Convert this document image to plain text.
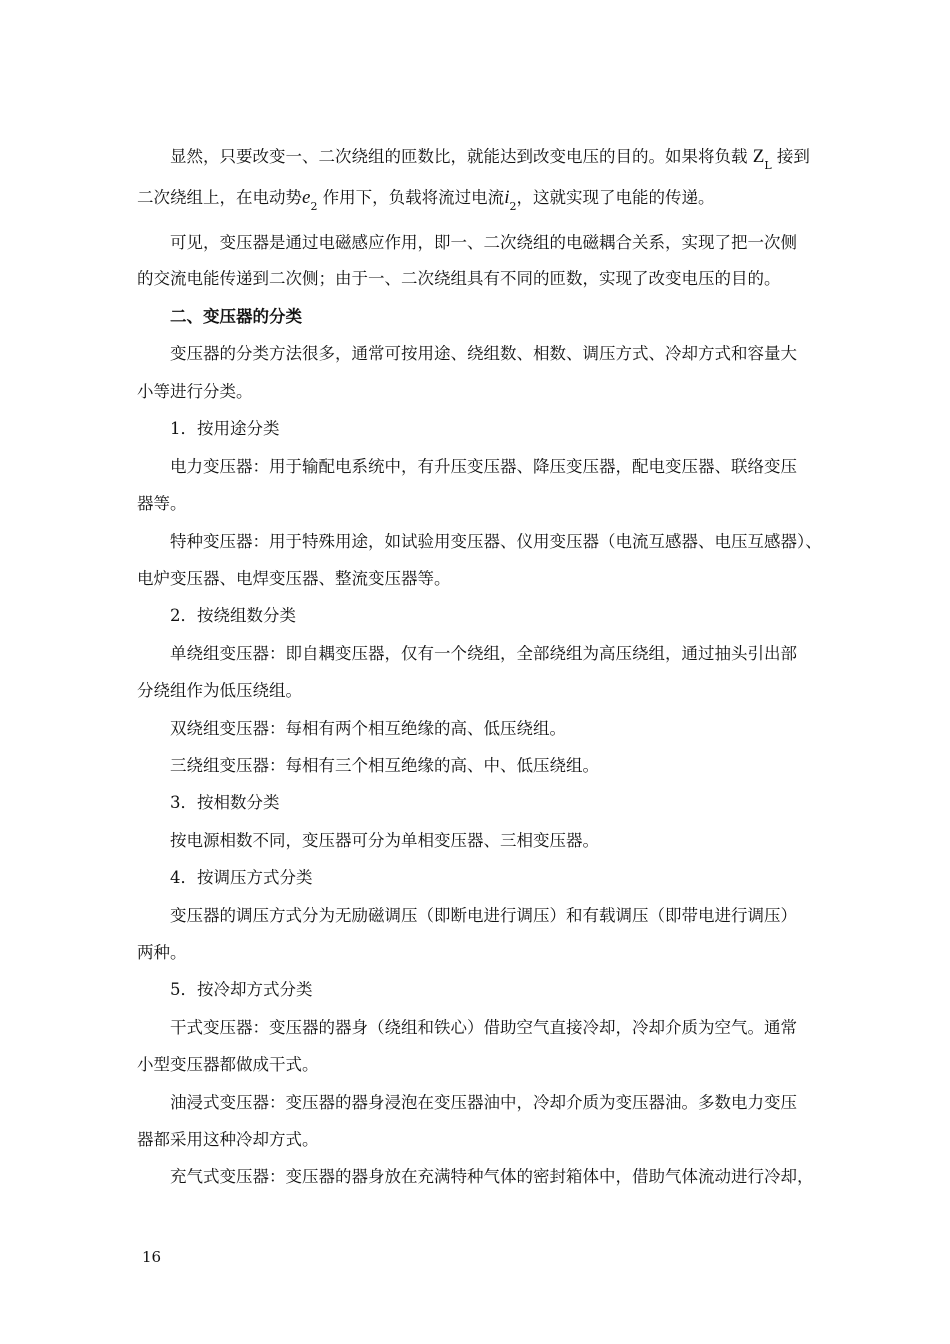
显然，只要改变一、二次绕组的匝数比，就能达到改变电压的目的。如果将负载 $Z_L$ 接到
二次绕组上，在电动势$e_2$ 作用下，负载将流过电流$i_2$，这就实现了电能的传递。

可见，变压器是通过电磁感应作用，即一、二次绕组的电磁耦合关系，实现了把一次侧

的交流电能传递到二次侧；由于一、二次绕组具有不同的匝数，实现了改变电压的目的。

二、变压器的分类

变压器的分类方法很多，通常可按用途、绕组数、相数、调压方式、冷却方式和容量大

小等进行分类。

1．按用途分类

电力变压器：用于输配电系统中，有升压变压器、降压变压器，配电变压器、联络变压

器等。

特种变压器：用于特殊用途，如试验用变压器、仪用变压器（电流互感器、电压互感器）、

电炉变压器、电焊变压器、整流变压器等。

2．按绕组数分类

单绕组变压器：即自耦变压器，仅有一个绕组，全部绕组为高压绕组，通过抽头引出部

分绕组作为低压绕组。

双绕组变压器：每相有两个相互绝缘的高、低压绕组。

三绕组变压器：每相有三个相互绝缘的高、中、低压绕组。

3．按相数分类

按电源相数不同，变压器可分为单相变压器、三相变压器。

4．按调压方式分类

变压器的调压方式分为无励磁调压（即断电进行调压）和有载调压（即带电进行调压）

两种。

5．按冷却方式分类

干式变压器：变压器的器身（绕组和铁心）借助空气直接冷却，冷却介质为空气。通常

小型变压器都做成干式。

油浸式变压器：变压器的器身浸泡在变压器油中，冷却介质为变压器油。多数电力变压

器都采用这种冷却方式。

充气式变压器：变压器的器身放在充满特种气体的密封箱体中，借助气体流动进行冷却，

16
